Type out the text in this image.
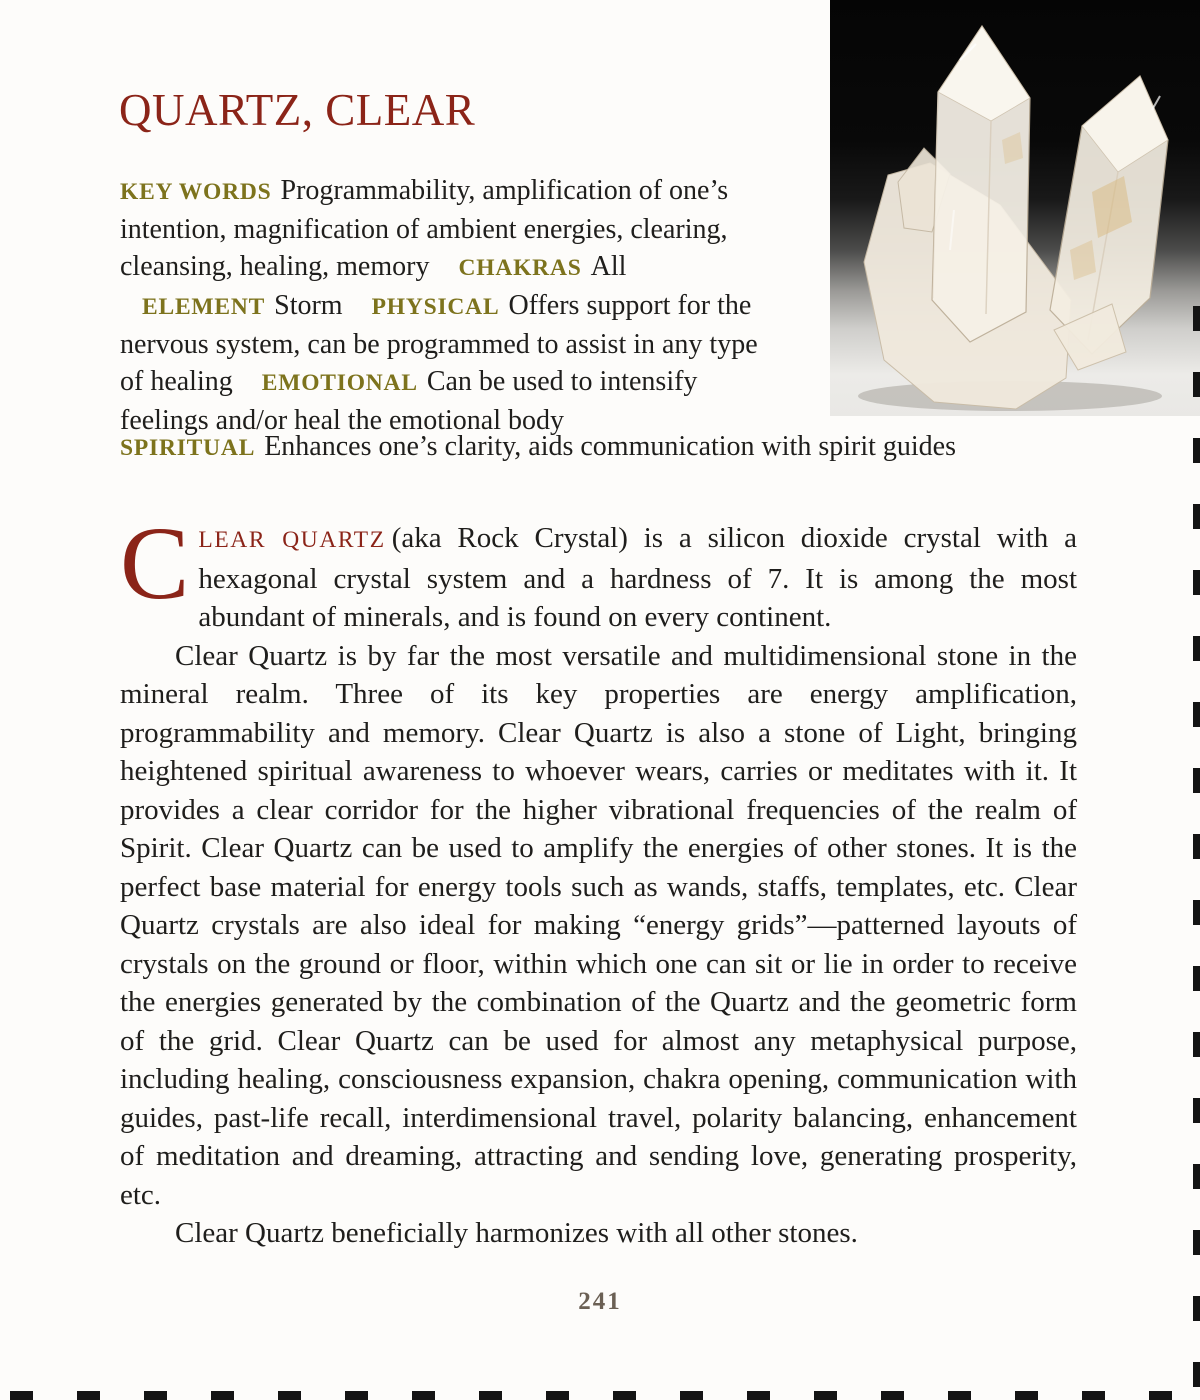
QUARTZ, CLEAR
KEY WORDS Programmability, amplification of one’s intention, magnification of ambient energies, clearing, cleansing, healing, memory CHAKRAS All ELEMENT Storm PHYSICAL Offers support for the nervous system, can be programmed to assist in any type of healing EMOTIONAL Can be used to intensify feelings and/or heal the emotional body
SPIRITUAL Enhances one’s clarity, aids communication with spirit guides

CLEAR QUARTZ (aka Rock Crystal) is a silicon dioxide crystal with a hexagonal crystal system and a hardness of 7. It is among the most abundant of minerals, and is found on every continent.

Clear Quartz is by far the most versatile and multidimensional stone in the mineral realm. Three of its key properties are energy amplification, programmability and memory. Clear Quartz is also a stone of Light, bringing heightened spiritual awareness to whoever wears, carries or meditates with it. It provides a clear corridor for the higher vibrational frequencies of the realm of Spirit. Clear Quartz can be used to amplify the energies of other stones. It is the perfect base material for energy tools such as wands, staffs, templates, etc. Clear Quartz crystals are also ideal for making “energy grids”—patterned layouts of crystals on the ground or floor, within which one can sit or lie in order to receive the energies generated by the combination of the Quartz and the geometric form of the grid. Clear Quartz can be used for almost any metaphysical purpose, including healing, consciousness expansion, chakra opening, communication with guides, past-life recall, interdimensional travel, polarity balancing, enhancement of meditation and dreaming, attracting and sending love, generating prosperity, etc.

Clear Quartz beneficially harmonizes with all other stones.

241
